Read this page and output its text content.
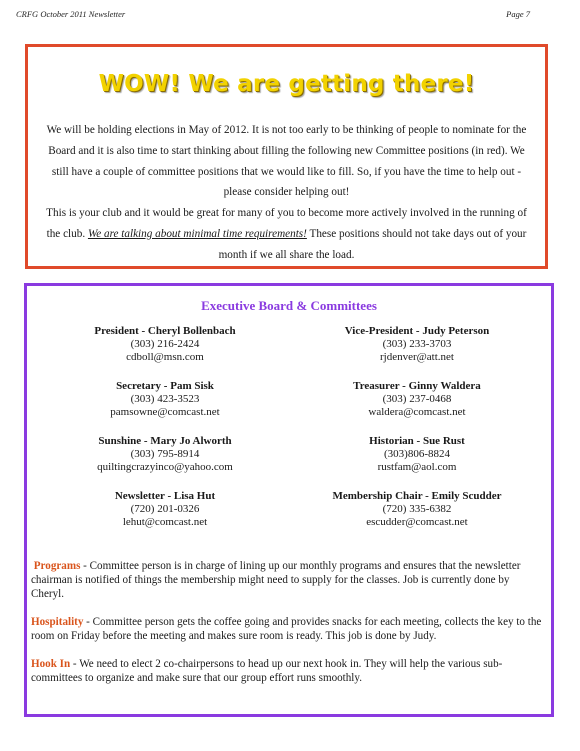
CRFG October 2011 Newsletter	Page 7
WOW! We are getting there!

We will be holding elections in May of 2012. It is not too early to be thinking of people to nominate for the Board and it is also time to start thinking about filling the following new Committee positions (in red). We still have a couple of committee positions that we would like to fill. So, if you have the time to help out - please consider helping out!

This is your club and it would be great for many of you to become more actively involved in the running of the club. We are talking about minimal time requirements! These positions should not take days out of your month if we all share the load.

Executive Board & Committees
President - Cheryl Bollenbach
(303) 216-2424
cdboll@msn.com
Secretary - Pam Sisk
(303) 423-3523
pamsowne@comcast.net
Sunshine - Mary Jo Alworth
(303) 795-8914
quiltingcrazyinco@yahoo.com
Newsletter - Lisa Hut
(720) 201-0326
lehut@comcast.net
Vice-President - Judy Peterson
(303) 233-3703
rjdenver@att.net
Treasurer - Ginny Waldera
(303) 237-0468
waldera@comcast.net
Historian - Sue Rust
(303)806-8824
rustfam@aol.com
Membership Chair - Emily Scudder
(720) 335-6382
escudder@comcast.net
Programs - Committee person is in charge of lining up our monthly programs and ensures that the newsletter chairman is notified of things the membership might need to supply for the classes. Job is currently done by Cheryl.
Hospitality - Committee person gets the coffee going and provides snacks for each meeting, collects the key to the room on Friday before the meeting and makes sure room is ready. This job is done by Judy.
Hook In - We need to elect 2 co-chairpersons to head up our next hook in. They will help the various sub-committees to organize and make sure that our group effort runs smoothly.
